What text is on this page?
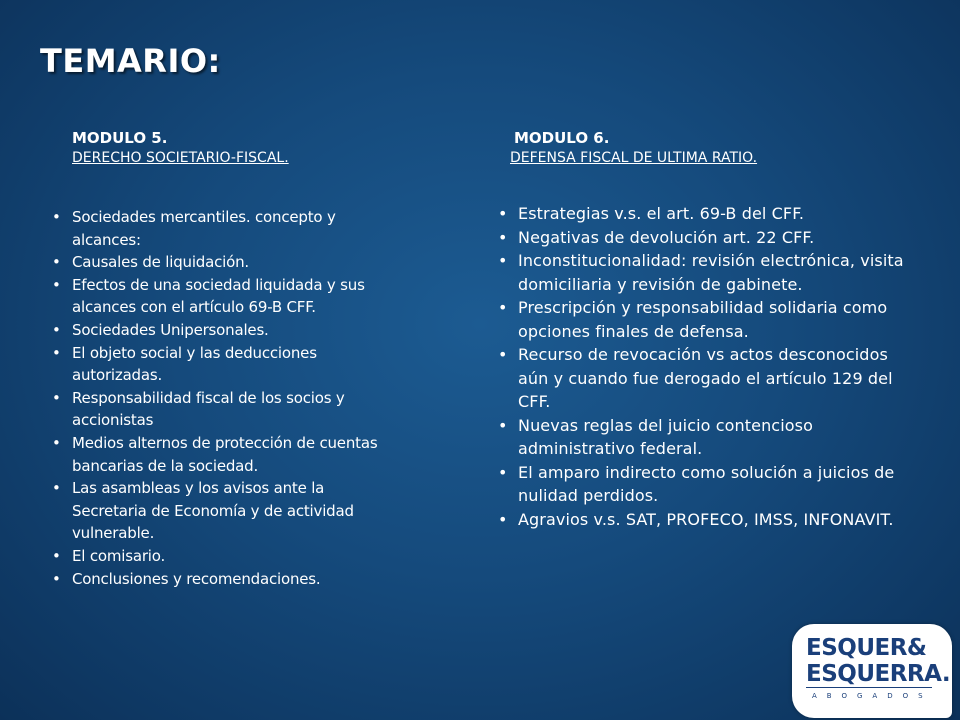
TEMARIO:
MODULO 5.
DERECHO SOCIETARIO-FISCAL.
MODULO 6.
DEFENSA FISCAL DE ULTIMA RATIO.
• Sociedades mercantiles. concepto y alcances:
• Causales de liquidación.
• Efectos de una sociedad liquidada y sus alcances con el artículo 69-B CFF.
• Sociedades Unipersonales.
• El objeto social y las deducciones autorizadas.
• Responsabilidad fiscal de los socios y accionistas
• Medios alternos de protección de cuentas bancarias de la sociedad.
• Las asambleas y los avisos ante la Secretaria de Economía y de actividad vulnerable.
• El comisario.
• Conclusiones y recomendaciones.
• Estrategias v.s. el art. 69-B del CFF.
• Negativas de devolución art. 22 CFF.
• Inconstitucionalidad: revisión electrónica, visita domiciliaria y revisión de gabinete.
• Prescripción y responsabilidad solidaria como opciones finales de defensa.
• Recurso de revocación vs actos desconocidos aún y cuando fue derogado el artículo 129 del CFF.
• Nuevas reglas del juicio contencioso administrativo federal.
• El amparo indirecto como solución a juicios de nulidad perdidos.
• Agravios v.s. SAT, PROFECO, IMSS, INFONAVIT.
ESQUER&
ESQUERRA.
ABOGADOS
